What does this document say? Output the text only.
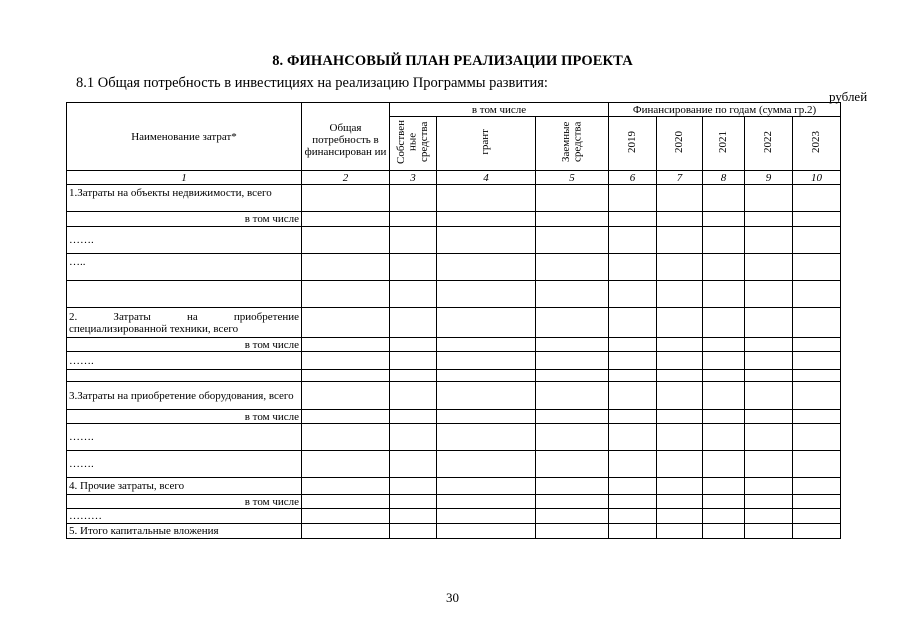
8. ФИНАНСОВЫЙ ПЛАН РЕАЛИЗАЦИИ ПРОЕКТА
8.1 Общая потребность в инвестициях на реализацию Программы развития:
рублей
Наименование затрат*	Общая потребность в финансирован ии	в том числе			Финансирование по годам (сумма гр.2)				
		Собствен ные средства	грант	Заемные средства	2019	2020	2021	2022	2023
1	2	3	4	5	6	7	8	9	10
1.Затраты на объекты недвижимости, всего									
в том числе									
…….									
…..									

2. Затраты на приобретение специализированной техники, всего									
в том числе									
…….									

3.Затраты на приобретение оборудования, всего									
в том числе									
…….									
…….									
4. Прочие затраты, всего									
в том числе									
………									
5. Итого капитальные вложения									
30
